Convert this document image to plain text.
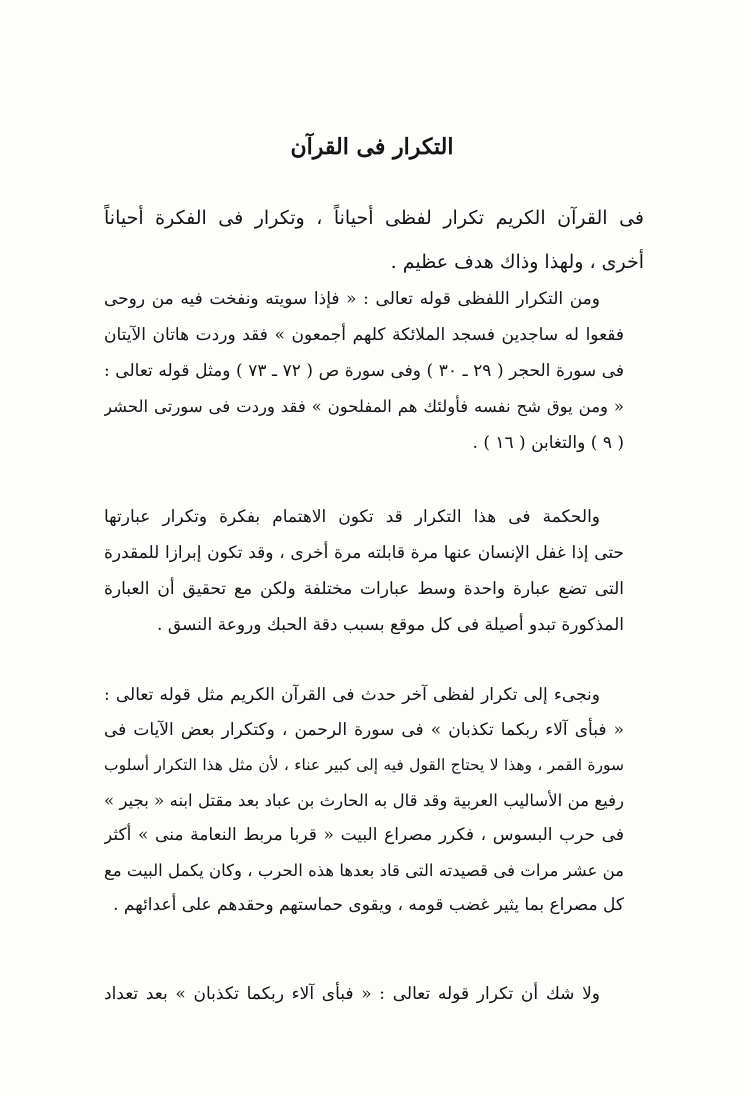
التكرار فى القرآن
فى القرآن الكريم تكرار لفظى أحياناً ، وتكرار فى الفكرة أحياناً
أخرى ، ولهذا وذاك هدف عظيم .
ومن التكرار اللفظى قوله تعالى : « فإذا سويته ونفخت فيه من روحى
فقعوا له ساجدين فسجد الملائكة كلهم أجمعون » فقد وردت هاتان الآيتان
فى سورة الحجر ( ٢٩ ـ ٣٠ ) وفى سورة ص ( ٧٢ ـ ٧٣ ) ومثل قوله تعالى :
« ومن يوق شح نفسه فأولئك هم المفلحون » فقد وردت فى سورتى الحشر
( ٩ ) والتغابن ( ١٦ ) .
والحكمة فى هذا التكرار قد تكون الاهتمام بفكرة وتكرار عبارتها
حتى إذا غفل الإنسان عنها مرة قابلته مرة أخرى ، وقد تكون إبرازا للمقدرة
التى تضع عبارة واحدة وسط عبارات مختلفة ولكن مع تحقيق أن العبارة
المذكورة تبدو أصيلة فى كل موقع بسبب دقة الحبك وروعة النسق .
ونجىء إلى تكرار لفظى آخر حدث فى القرآن الكريم مثل قوله تعالى :
« فبأى آلاء ربكما تكذبان » فى سورة الرحمن ، وكتكرار بعض الآيات فى
سورة القمر ، وهذا لا يحتاج القول فيه إلى كبير عناء ، لأن مثل هذا التكرار أسلوب
رفيع من الأساليب العربية وقد قال به الحارث بن عباد بعد مقتل ابنه « بجير »
فى حرب البسوس ، فكرر مصراع البيت « قربا مربط النعامة منى » أكثر
من عشر مرات فى قصيدته التى قاد بعدها هذه الحرب ، وكان يكمل البيت مع
كل مصراع بما يثير غضب قومه ، ويقوى حماستهم وحقدهم على أعدائهم .
ولا شك أن تكرار قوله تعالى : « فبأى آلاء ربكما تكذبان » بعد تعداد
